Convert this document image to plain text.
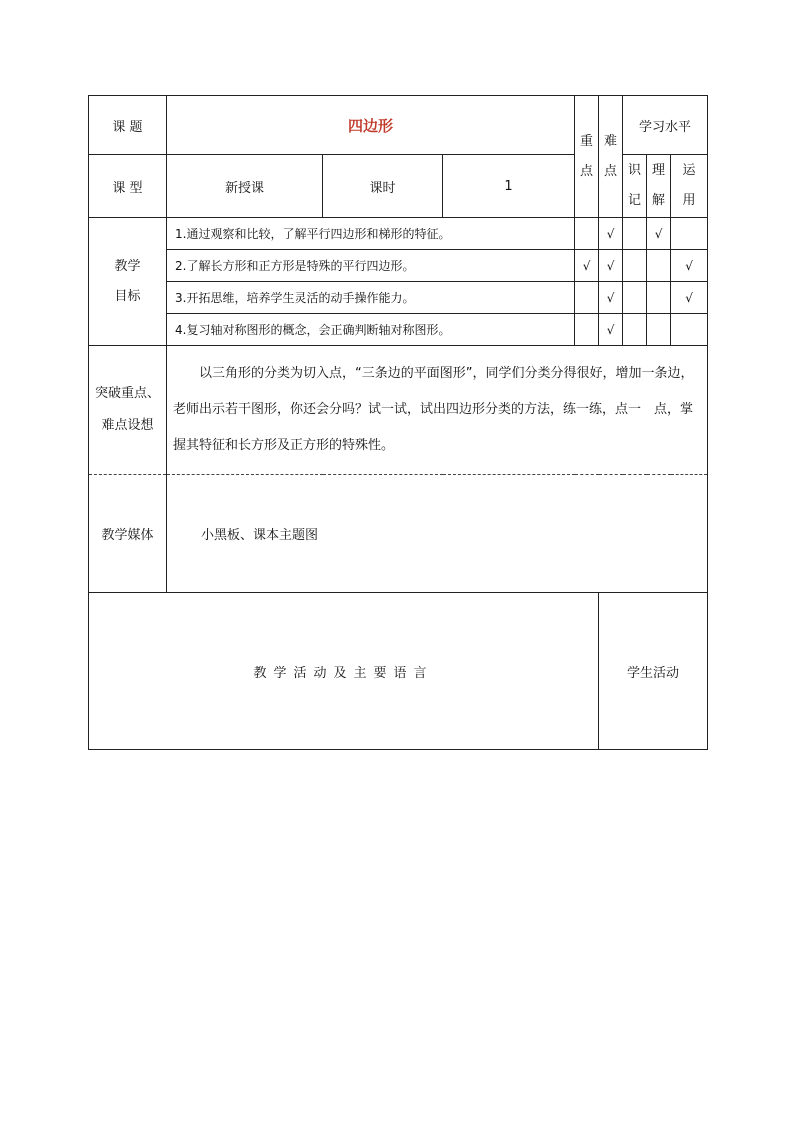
课 题	四边形			重点	难点	学习水平		
课 型	新授课	课时	1			识记	理解	运用

教学
目标	1.通过观察和比较，了解平行四边形和梯形的特征。				√		√	
	2.了解长方形和正方形是特殊的平行四边形。			√	√			√
	3.开拓思维，培养学生灵活的动手操作能力。				√			√
	4.复习轴对称图形的概念，会正确判断轴对称图形。				√			

突破重点、
难点设想	以三角形的分类为切入点，“三条边的平面图形”，同学们分类分得很好，增加一条边，老师出示若干图形，你还会分吗？试一试，试出四边形分类的方法，练一练，点一　点，掌握其特征和长方形及正方形的特殊性。							

教学媒体	小黑板、课本主题图							
教学活动及主要语言					学生活动			
